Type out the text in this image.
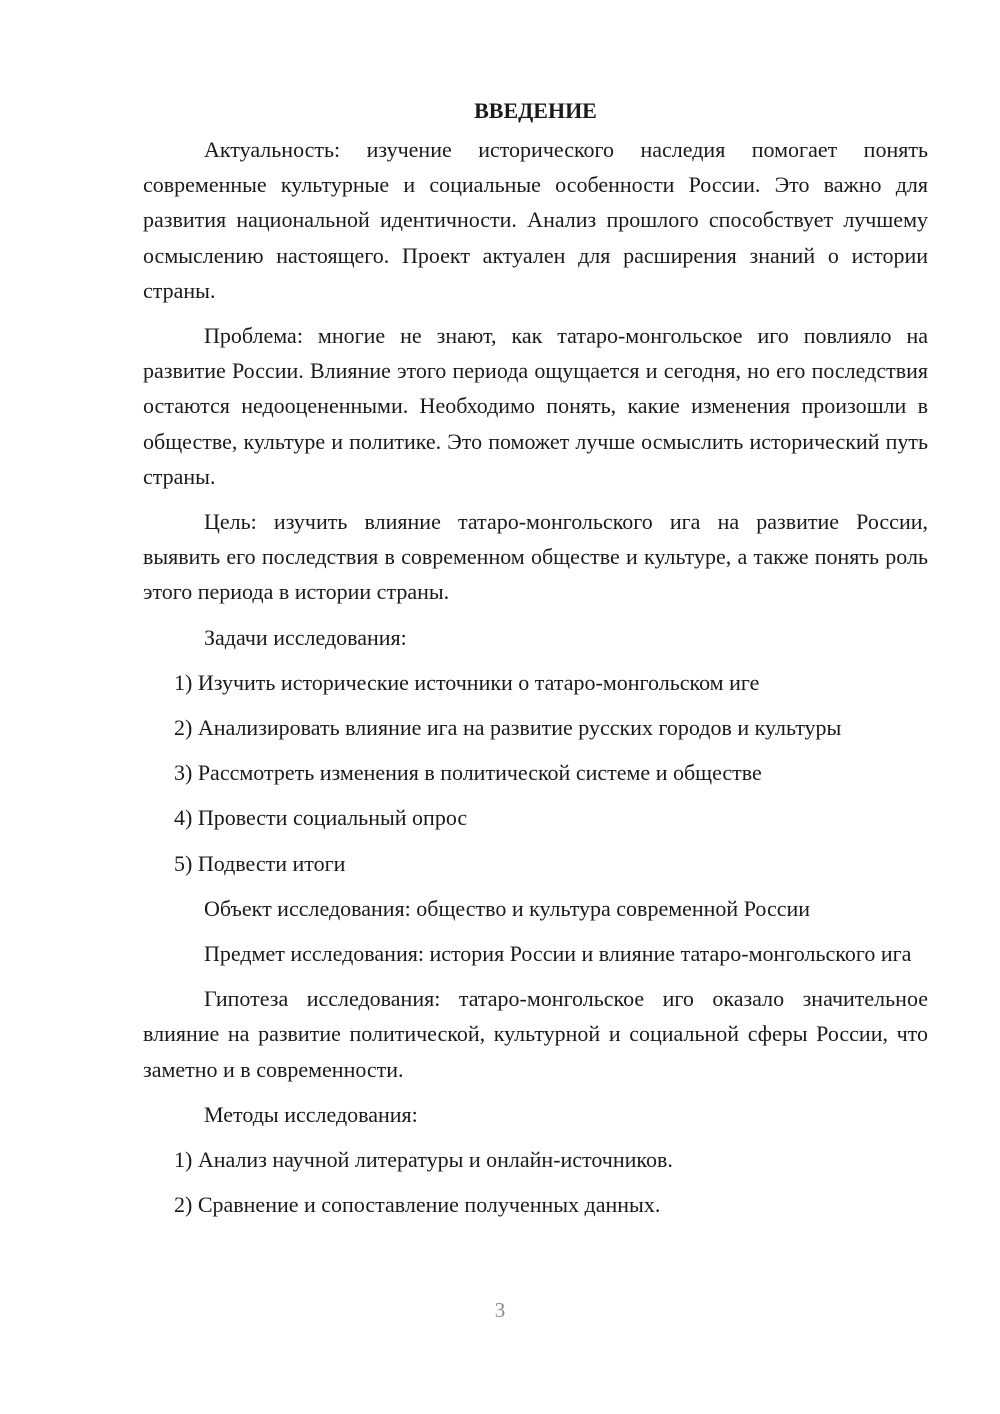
ВВЕДЕНИЕ

Актуальность: изучение исторического наследия помогает понять современные культурные и социальные особенности России. Это важно для развития национальной идентичности. Анализ прошлого способствует лучшему осмыслению настоящего. Проект актуален для расширения знаний о истории страны.

Проблема: многие не знают, как татаро-монгольское иго повлияло на развитие России. Влияние этого периода ощущается и сегодня, но его последствия остаются недооцененными. Необходимо понять, какие изменения произошли в обществе, культуре и политике. Это поможет лучше осмыслить исторический путь страны.

Цель: изучить влияние татаро-монгольского ига на развитие России, выявить его последствия в современном обществе и культуре, а также понять роль этого периода в истории страны.

Задачи исследования:

1) Изучить исторические источники о татаро-монгольском иге

2) Анализировать влияние ига на развитие русских городов и культуры

3) Рассмотреть изменения в политической системе и обществе

4) Провести социальный опрос

5) Подвести итоги

Объект исследования: общество и культура современной России

Предмет исследования: история России и влияние татаро-монгольского ига

Гипотеза исследования: татаро-монгольское иго оказало значительное влияние на развитие политической, культурной и социальной сферы России, что заметно и в современности.

Методы исследования:

1) Анализ научной литературы и онлайн-источников.

2) Сравнение и сопоставление полученных данных.

3
